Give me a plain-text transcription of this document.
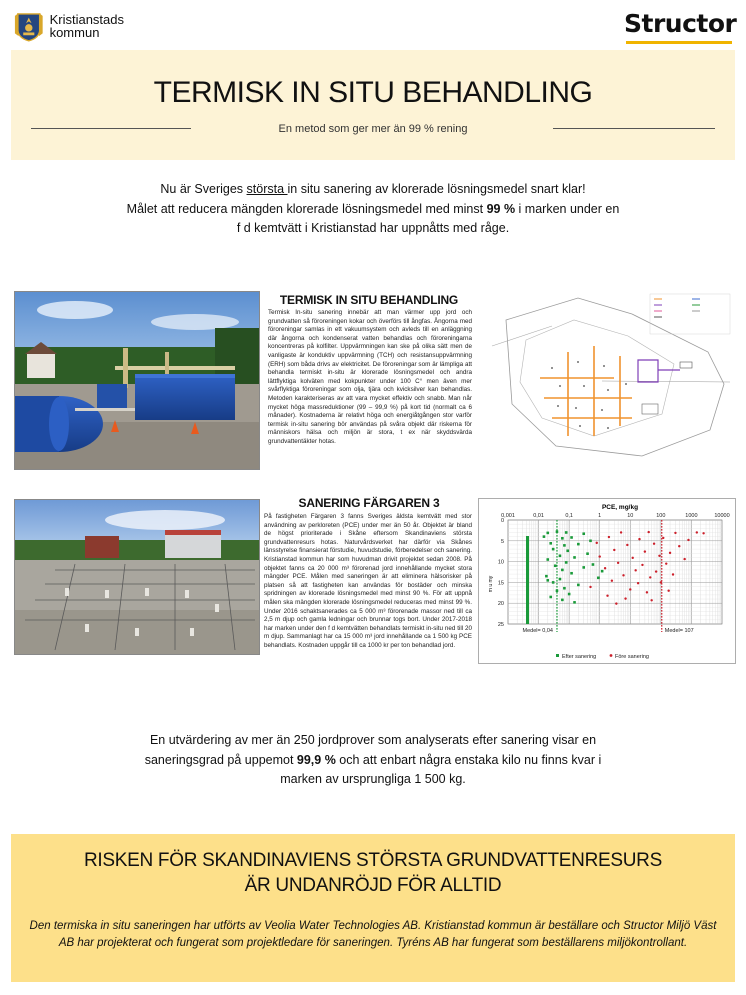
Kristianstads
kommun	Structor
TERMISK IN SITU BEHANDLING
En metod som ger mer än 99 % rening
Nu är Sveriges största in situ sanering av klorerade lösningsmedel snart klar!
Målet att reducera mängden klorerade lösningsmedel med minst 99 % i marken under en
f d kemtvätt i Kristianstad har uppnåtts med råge.
TERMISK IN SITU BEHANDLING
Termisk In-situ sanering innebär att man värmer upp jord och grundvatten så föroreningen kokar och överförs till ångfas. Ångorna med föroreningar samlas in ett vakuumsystem och avleds till en anläggning där ångorna och kondenserat vatten behandlas och föroreningarna koncentreras på kolfilter. Uppvärmningen kan ske på olika sätt men de vanligaste är konduktiv uppvärmning (TCH) och resistansuppvärmning (ERH) som båda drivs av elektricitet. De föroreningar som är lämpliga att behandla termiskt in-situ är klorerade lösningsmedel och andra lättflyktiga kolväten med kokpunkter under 100 C° men även mer svårflyktiga föroreningar som olja, tjära och kvicksilver kan behandlas. Metoden karakteriseras av att vara mycket effektiv och snabb. Man når mycket höga massreduktioner (99 – 99,9 %) på kort tid (normalt ca 6 månader). Kostnaderna är relativt höga och energiåtgången stor varför termisk in-situ sanering bör användas på svåra objekt där riskerna för människors hälsa och miljön är stora, t ex när skyddsvärda grundvattentäkter hotas.
SANERING FÄRGAREN 3
På fastigheten Färgaren 3 fanns Sveriges äldsta kemtvätt med stor användning av perkloreten (PCE) under mer än 50 år. Objektet är bland de högst prioriterade i Skåne eftersom Skandinaviens största grundvattenresurs hotas. Naturvårdsverket har därför via Skånes länsstyrelse finansierat förstudie, huvudstudie, förberedelser och sanering. Kristianstad kommun har som huvudman drivit projektet sedan 2008. På objektet fanns ca 20 000 m³ förorenad jord innehållande mycket stora mängder PCE. Målen med saneringen är att eliminera hälsorisker på platsen så att fastigheten kan användas för bostäder och minska spridningen av klorerade lösningsmedel med minst 90 %. För att uppnå målen ska mängden klorerade lösningsmedel reduceras med minst 99 %. Under 2016 schaktsanerades ca 5 000 m³ förorenade massor ned till ca 2,5 m djup och gamla ledningar och brunnar togs bort. Under 2017-2018 har marken under den f d kemtvätten behandlats termiskt in-situ ned till 20 m djup. Sammanlagt har ca 15 000 m³ jord innehållande ca 1 500 kg PCE behandlats. Kostnaden uppgår till ca 1000 kr per ton behandlad jord.
PCE, mg/kg
m u my
0,001	0,01	0,1	1	10	100	1000	10000
0
5
10
15
20
25
Medel= 0,04	Medel= 107
Efter sanering	Före sanering
En utvärdering av mer än 250 jordprover som analyserats efter sanering visar en
saneringsgrad på uppemot 99,9 % och att enbart några enstaka kilo nu finns kvar i
marken av ursprungliga 1 500 kg.
RISKEN FÖR SKANDINAVIENS STÖRSTA GRUNDVATTENRESURS
ÄR UNDANRÖJD FÖR ALLTID
Den termiska in situ saneringen har utförts av Veolia Water Technologies AB. Kristianstad kommun är beställare och Structor Miljö Väst AB har projekterat och fungerat som projektledare för saneringen. Tyréns AB har fungerat som beställarens miljökontrollant.
